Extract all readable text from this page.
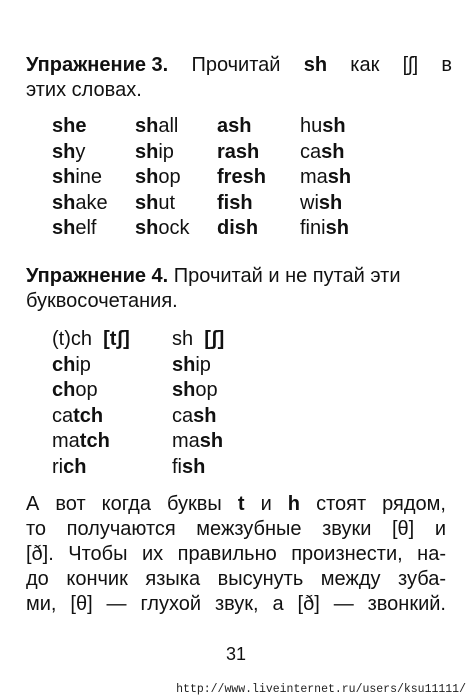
Упражнение 3. Прочитай sh как [ʃ] в
этих словах.
she	shall	ash	hush
shy	ship	rash	cash
shine	shop	fresh	mash
shake	shut	fish	wish
shelf	shock	dish	finish
Упражнение 4. Прочитай и не путай эти
буквосочетания.
(t)ch [tʃ]	sh [ʃ]
chip	ship
chop	shop
catch	cash
match	mash
rich	fish
А вот когда буквы t и h стоят рядом,
то получаются межзубные звуки [θ] и
[ð]. Чтобы их правильно произнести, на-
до кончик языка высунуть между зуба-
ми, [θ] — глухой звук, а [ð] — звонкий.
31
http://www.liveinternet.ru/users/ksu11111/
